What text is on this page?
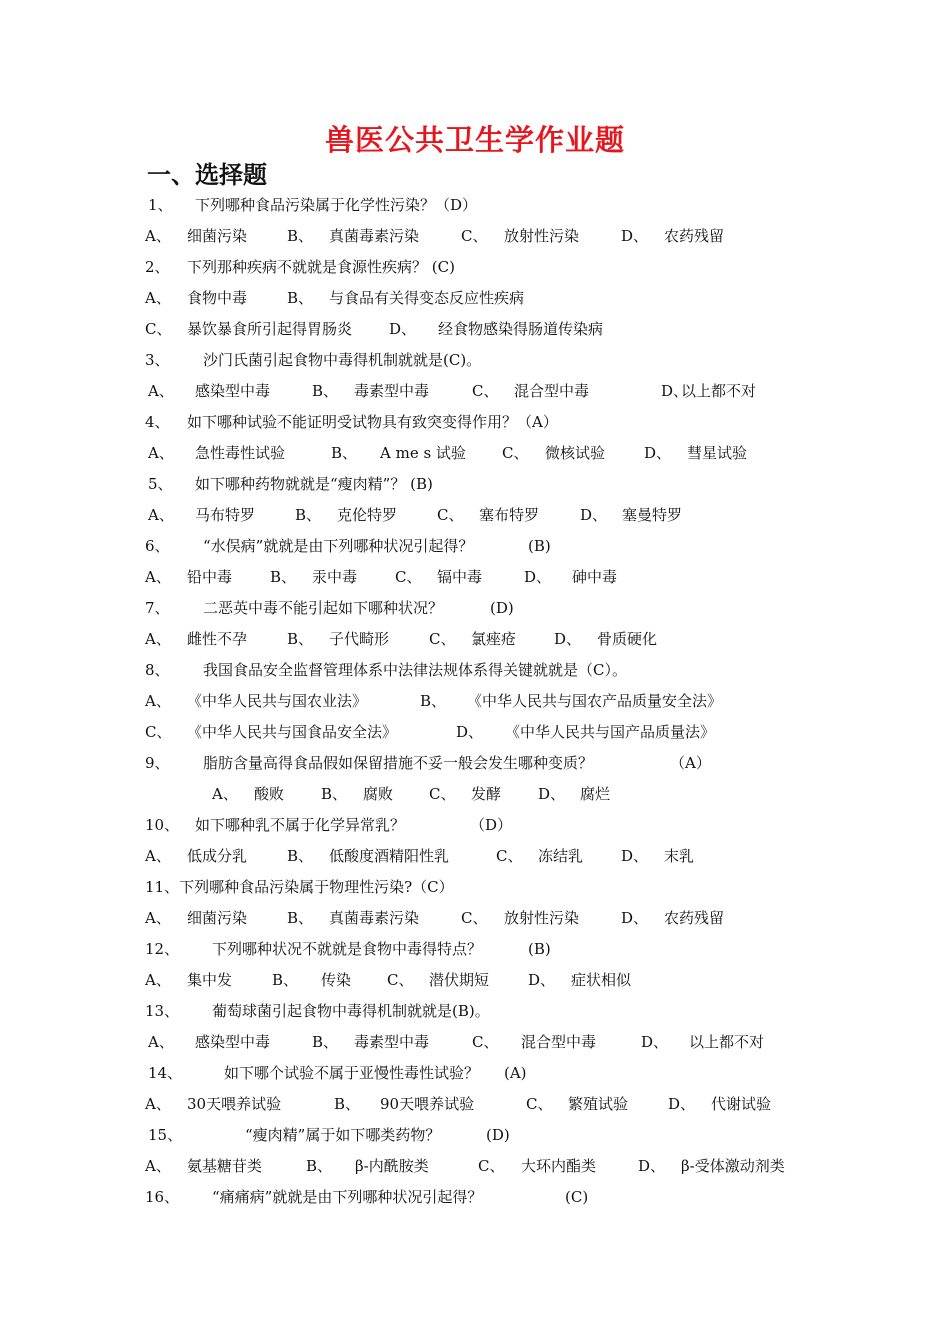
兽医公共卫生学作业题
一、选择题
1、 下列哪种食品污染属于化学性污染？（D）
A、 细菌污染	B、 真菌毒素污染	C、 放射性污染	D、 农药残留
2、 下列那种疾病不就就是食源性疾病？ (C)
A、 食物中毒	B、 与食品有关得变态反应性疾病
C、 暴饮暴食所引起得胃肠炎 D、 经食物感染得肠道传染病
3、 沙门氏菌引起食物中毒得机制就就是(C)。
A、 感染型中毒	B、 毒素型中毒	C、 混合型中毒	D、
以上都不对
4、 如下哪种试验不能证明受试物具有致突变得作用？（A）
A、 急性毒性试验	B、 A me s 试验 C、 微核试验	D、 彗星试验
5、 如下哪种药物就就是“瘦肉精”？ (B)
A、 马布特罗	B、 克伦特罗	C、 塞布特罗	D、 塞曼特罗
6、 “水俣病”就就是由下列哪种状况引起得？	(B)
A、 铅中毒	B、 汞中毒	C、 镉中毒	D、 砷中毒
7、 二恶英中毒不能引起如下哪种状况？	(D)
A、 雌性不孕	B、 子代畸形	C、 氯痤疮	D、 骨质硬化
8、 我国食品安全监督管理体系中法律法规体系得关键就就是（C）。
A、 《中华人民共与国农业法》	B、 《中华人民共与国农产品质量安全法》
C、 《中华人民共与国食品安全法》	D、 《中华人民共与国产品质量法》
9、 脂肪含量高得食品假如保留措施不妥一般会发生哪种变质？	（A）
A、 酸败 B、 腐败 C、 发酵 D、 腐烂
10、 如下哪种乳不属于化学异常乳？	（D）
A、 低成分乳	B、 低酸度酒精阳性乳	C、 冻结乳	D、 末乳
11、下列哪种食品污染属于物理性污染?（C）
A、 细菌污染	B、 真菌毒素污染	C、 放射性污染	D、 农药残留
12、 下列哪种状况不就就是食物中毒得特点？	(B)
A、 集中发	B、 传染 C、 潜伏期短	D、 症状相似
13、 葡萄球菌引起食物中毒得机制就就是(B)。
A、 感染型中毒	B、 毒素型中毒	C、 混合型中毒	D、 以上都不对
14、	如下哪个试验不属于亚慢性毒性试验？ (A)
A、 30天喂养试验	B、 90天喂养试验	C、 繁殖试验	D、 代谢试验
15、	“瘦肉精”属于如下哪类药物？	(D)
A、 氨基糖苷类	B、 β-内酰胺类	C、 大环内酯类	D、 β-受体激动剂类
16、 “痛痛病”就就是由下列哪种状况引起得？	(C)
